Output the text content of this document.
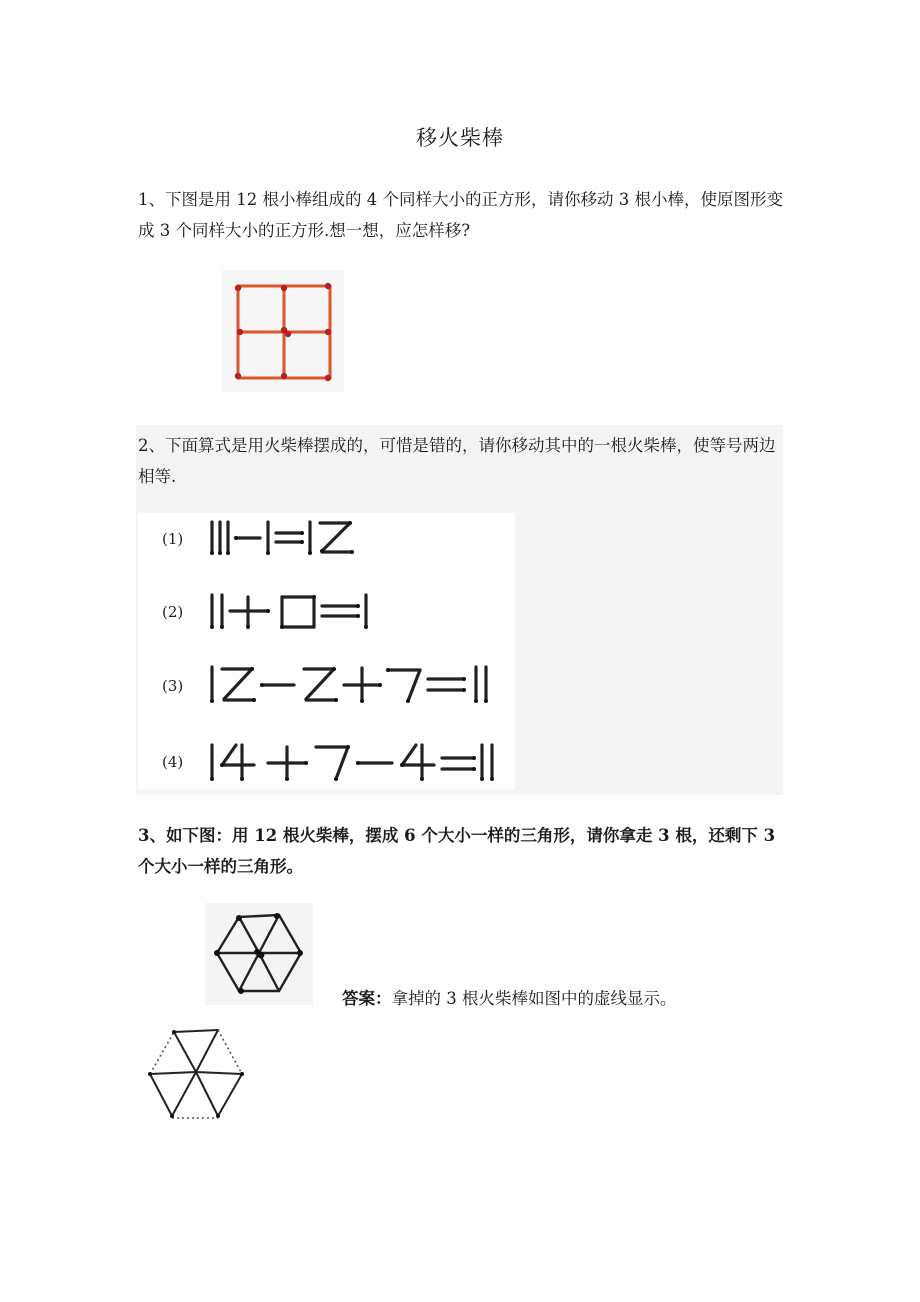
移火柴棒
1、下图是用 12 根小棒组成的 4 个同样大小的正方形，请你移动 3 根小棒，使原图形变成 3 个同样大小的正方形.想一想，应怎样移?
2、下面算式是用火柴棒摆成的，可惜是错的，请你移动其中的一根火柴棒，使等号两边相等.
(1)
(2)
(3)
(4)
3、如下图：用 12 根火柴棒，摆成 6 个大小一样的三角形，请你拿走 3 根，还剩下 3 个大小一样的三角形。
答案：拿掉的 3 根火柴棒如图中的虚线显示。
